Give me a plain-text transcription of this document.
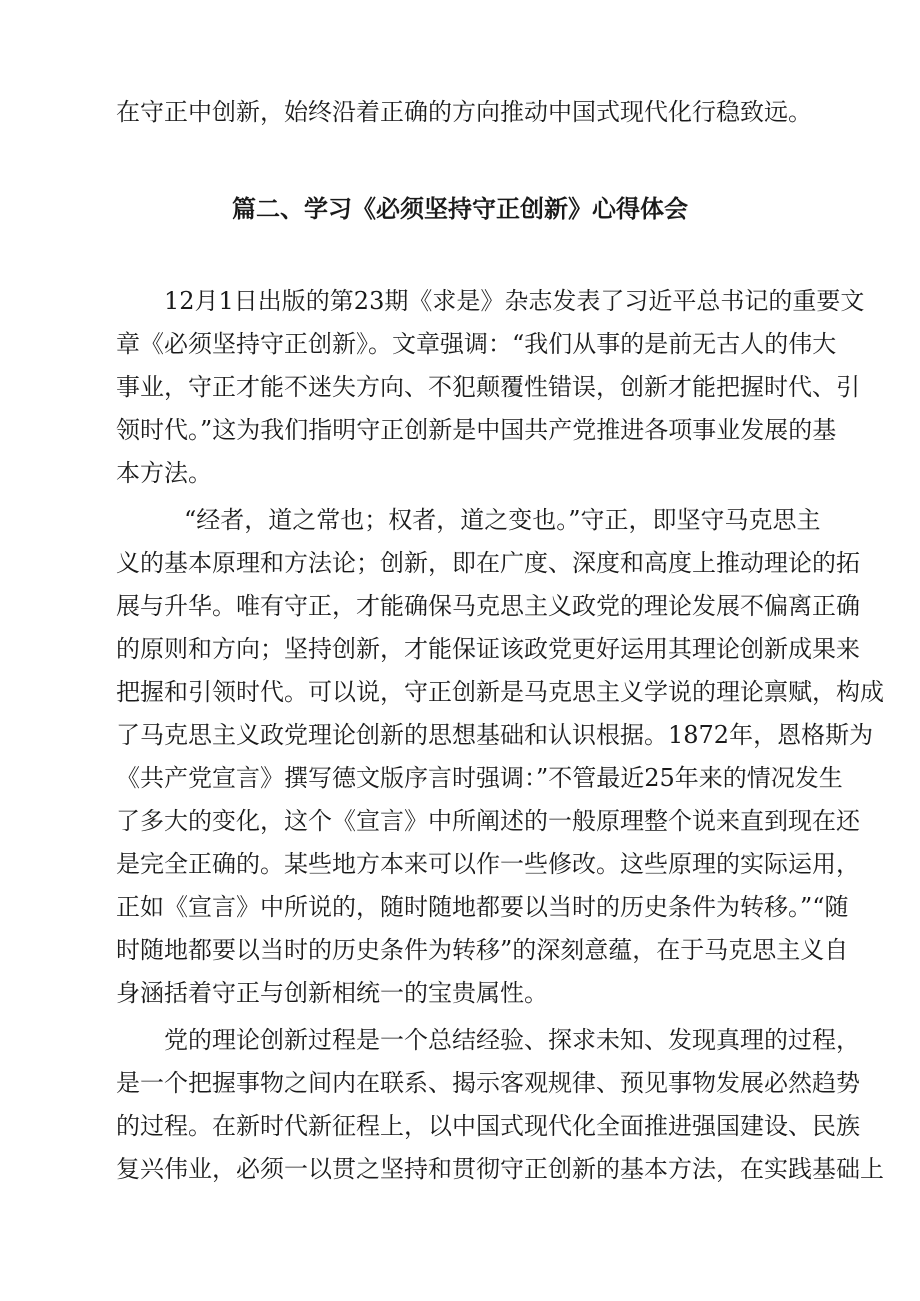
在守正中创新，始终沿着正确的方向推动中国式现代化行稳致远。
篇二、学习《必须坚持守正创新》心得体会
12月1日出版的第23期《求是》杂志发表了习近平总书记的重要文
章《必须坚持守正创新》。文章强调：“我们从事的是前无古人的伟大
事业，守正才能不迷失方向、不犯颠覆性错误，创新才能把握时代、引
领时代。”这为我们指明守正创新是中国共产党推进各项事业发展的基
本方法。
“经者，道之常也；权者，道之变也。”守正，即坚守马克思主
义的基本原理和方法论；创新，即在广度、深度和高度上推动理论的拓
展与升华。唯有守正，才能确保马克思主义政党的理论发展不偏离正确
的原则和方向；坚持创新，才能保证该政党更好运用其理论创新成果来
把握和引领时代。可以说，守正创新是马克思主义学说的理论禀赋，构成
了马克思主义政党理论创新的思想基础和认识根据。1872年，恩格斯为
《共产党宣言》撰写德文版序言时强调：”不管最近25年来的情况发生
了多大的变化，这个《宣言》中所阐述的一般原理整个说来直到现在还
是完全正确的。某些地方本来可以作一些修改。这些原理的实际运用，
正如《宣言》中所说的，随时随地都要以当时的历史条件为转移。”“随
时随地都要以当时的历史条件为转移”的深刻意蕴，在于马克思主义自
身涵括着守正与创新相统一的宝贵属性。
党的理论创新过程是一个总结经验、探求未知、发现真理的过程，
是一个把握事物之间内在联系、揭示客观规律、预见事物发展必然趋势
的过程。在新时代新征程上，以中国式现代化全面推进强国建设、民族
复兴伟业，必须一以贯之坚持和贯彻守正创新的基本方法，在实践基础上
